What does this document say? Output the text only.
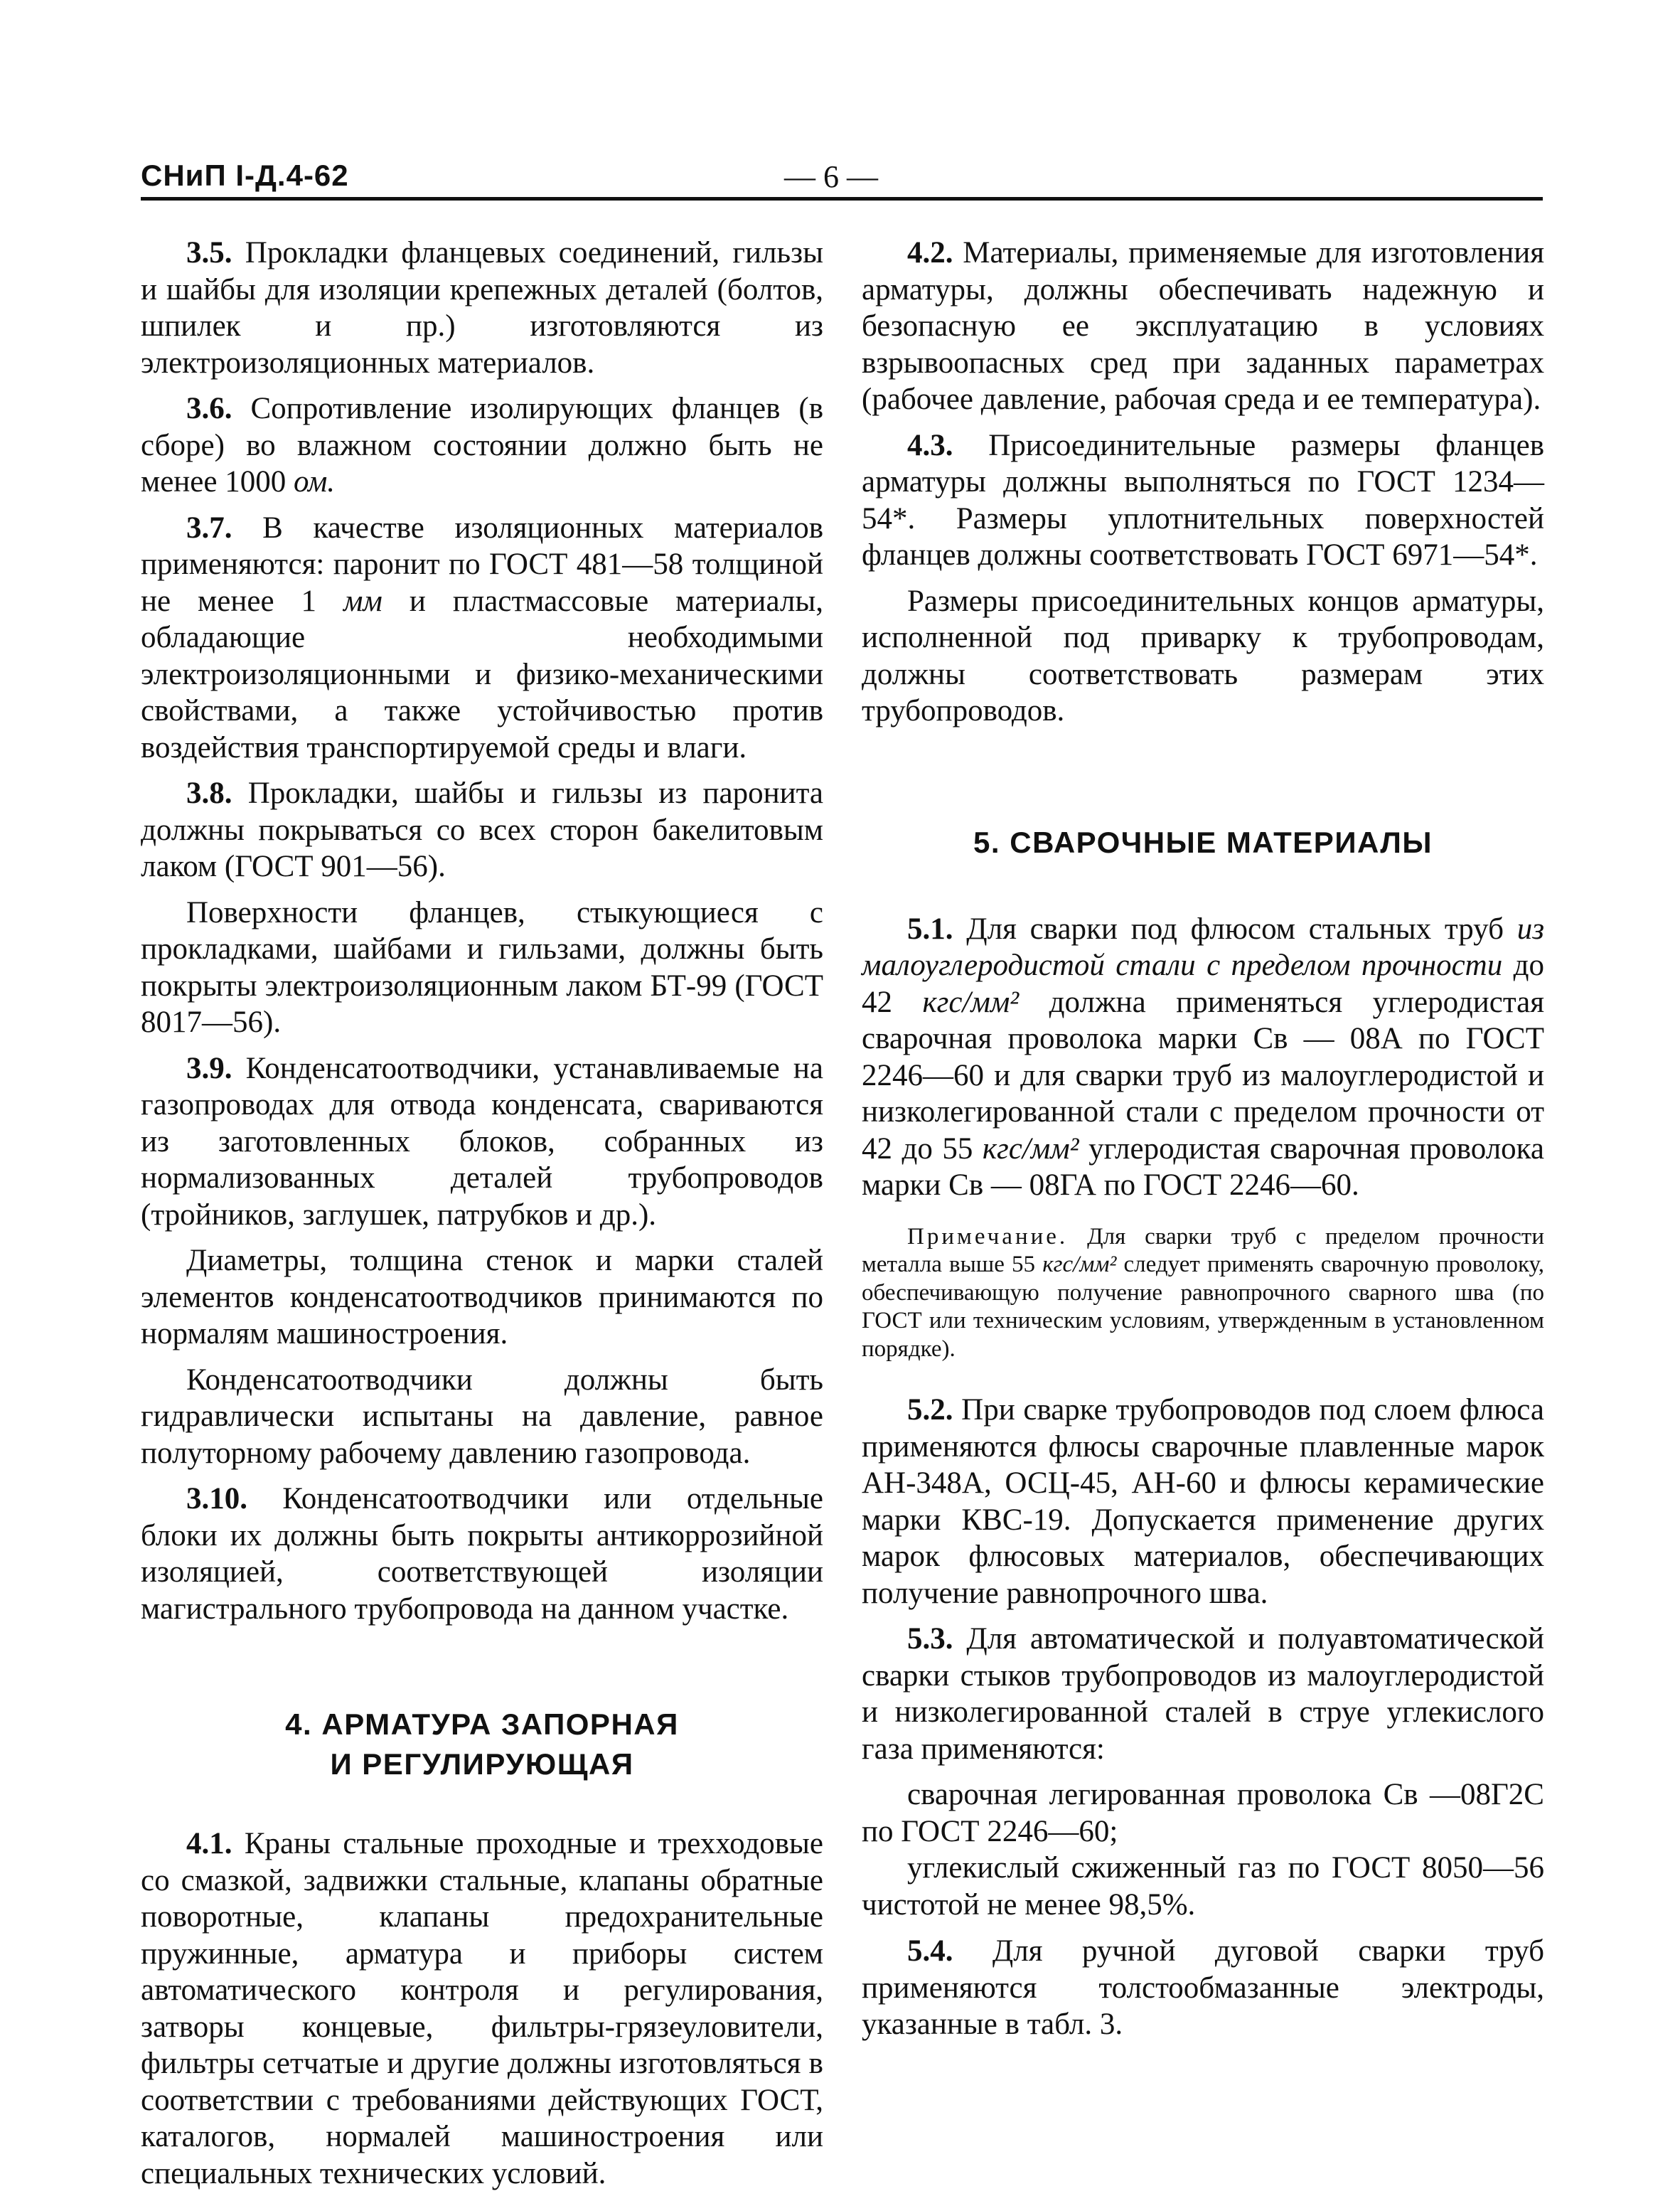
СНиП I-Д.4-62	— 6 —

3.5. Прокладки фланцевых соединений, гильзы и шайбы для изоляции крепежных деталей (болтов, шпилек и пр.) изготовляются из электроизоляционных материалов.

3.6. Сопротивление изолирующих фланцев (в сборе) во влажном состоянии должно быть не менее 1000 ом.

3.7. В качестве изоляционных материалов применяются: паронит по ГОСТ 481—58 толщиной не менее 1 мм и пластмассовые материалы, обладающие необходимыми электроизоляционными и физико-механическими свойствами, а также устойчивостью против воздействия транспортируемой среды и влаги.

3.8. Прокладки, шайбы и гильзы из паронита должны покрываться со всех сторон бакелитовым лаком (ГОСТ 901—56).

Поверхности фланцев, стыкующиеся с прокладками, шайбами и гильзами, должны быть покрыты электроизоляционным лаком БТ-99 (ГОСТ 8017—56).

3.9. Конденсатоотводчики, устанавливаемые на газопроводах для отвода конденсата, свариваются из заготовленных блоков, собранных из нормализованных деталей трубопроводов (тройников, заглушек, патрубков и др.).

Диаметры, толщина стенок и марки сталей элементов конденсатоотводчиков принимаются по нормалям машиностроения.

Конденсатоотводчики должны быть гидравлически испытаны на давление, равное полуторному рабочему давлению газопровода.

3.10. Конденсатоотводчики или отдельные блоки их должны быть покрыты антикоррозийной изоляцией, соответствующей изоляции магистрального трубопровода на данном участке.

4. АРМАТУРА ЗАПОРНАЯ
И РЕГУЛИРУЮЩАЯ

4.1. Краны стальные проходные и трехходовые со смазкой, задвижки стальные, клапаны обратные поворотные, клапаны предохранительные пружинные, арматура и приборы систем автоматического контроля и регулирования, затворы концевые, фильтры-грязеуловители, фильтры сетчатые и другие должны изготовляться в соответствии с требованиями действующих ГОСТ, каталогов, нормалей машиностроения или специальных технических условий.

4.2. Материалы, применяемые для изготовления арматуры, должны обеспечивать надежную и безопасную ее эксплуатацию в условиях взрывоопасных сред при заданных параметрах (рабочее давление, рабочая среда и ее температура).

4.3. Присоединительные размеры фланцев арматуры должны выполняться по ГОСТ 1234—54*. Размеры уплотнительных поверхностей фланцев должны соответствовать ГОСТ 6971—54*.

Размеры присоединительных концов арматуры, исполненной под приварку к трубопроводам, должны соответствовать размерам этих трубопроводов.

5. СВАРОЧНЫЕ МАТЕРИАЛЫ

5.1. Для сварки под флюсом стальных труб из малоуглеродистой стали с пределом прочности до 42 кгс/мм² должна применяться углеродистая сварочная проволока марки Св — 08А по ГОСТ 2246—60 и для сварки труб из малоуглеродистой и низколегированной стали с пределом прочности от 42 до 55 кгс/мм² углеродистая сварочная проволока марки Св — 08ГА по ГОСТ 2246—60.

Примечание. Для сварки труб с пределом прочности металла выше 55 кгс/мм² следует применять сварочную проволоку, обеспечивающую получение равнопрочного сварного шва (по ГОСТ или техническим условиям, утвержденным в установленном порядке).

5.2. При сварке трубопроводов под слоем флюса применяются флюсы сварочные плавленные марок АН-348А, ОСЦ-45, АН-60 и флюсы керамические марки КВС-19. Допускается применение других марок флюсовых материалов, обеспечивающих получение равнопрочного шва.

5.3. Для автоматической и полуавтоматической сварки стыков трубопроводов из малоуглеродистой и низколегированной сталей в струе углекислого газа применяются:

сварочная легированная проволока Св —08Г2С по ГОСТ 2246—60;

углекислый сжиженный газ по ГОСТ 8050—56 чистотой не менее 98,5%.

5.4. Для ручной дуговой сварки труб применяются толстообмазанные электроды, указанные в табл. 3.
